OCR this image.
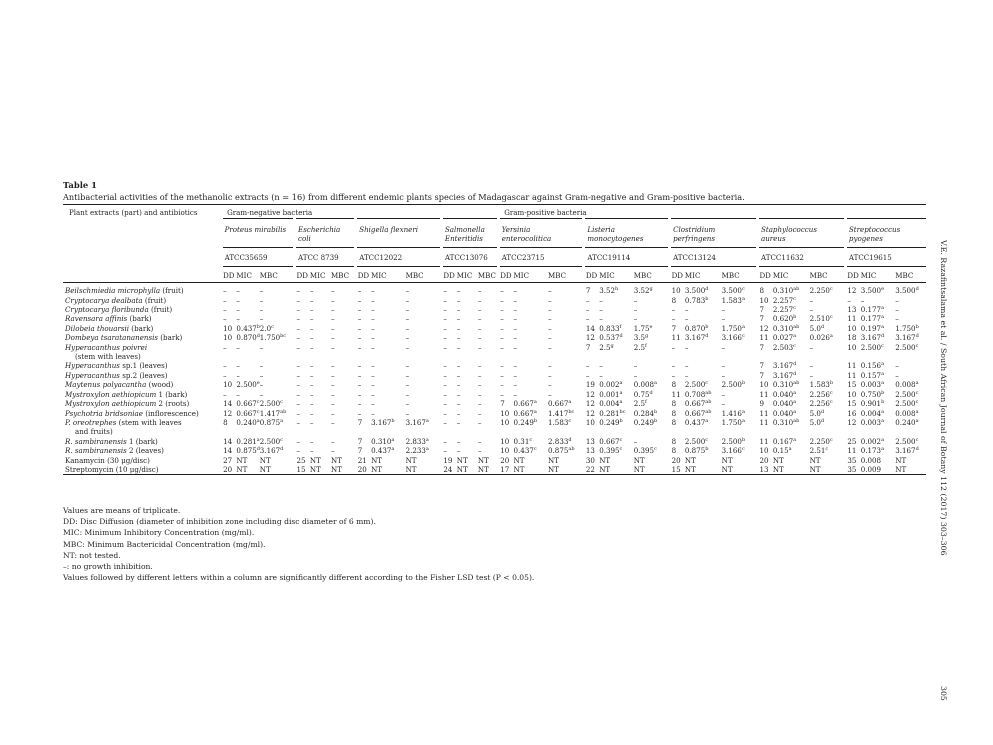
Table 1
Antibacterial activities of the methanolic extracts (n = 16) from different endemic plants species of Madagascar against Gram-negative and Gram-positive bacteria.
Plant extracts (part) and antibiotics	Gram-negative bacteria												Gram-positive bacteria														
	Proteus mirabilis			Escherichia coli			Shigella flexneri			Salmonella Enteritidis			Yersinia enterocolitica			Listeria monocytogenes			Clostridium perfringens			Staphylococcus aureus			Streptococcus pyogenes		
	ATCC35659			ATCC 8739			ATCC12022			ATCC13076			ATCC23715			ATCC19114			ATCC13124			ATCC11632			ATCC19615		
	DD	MIC	MBC	DD	MIC	MBC	DD	MIC	MBC	DD	MIC	MBC	DD	MIC	MBC	DD	MIC	MBC	DD	MIC	MBC	DD	MIC	MBC	DD	MIC	MBC

Beilschmiedia microphylla (fruit)	–	–	–	–	–	–	–	–	–	–	–	–	–	–	–	7	3.52$^h$	3.52$^g$	10	3.500$^d$	3.500$^c$	8	0.310$^{ab}$	2.250$^c$	12	3.500e	3.500$^d$
Cryptocarya dealbata (fruit)	–	–	–	–	–	–	–	–	–	–	–	–	–	–	–	–	–	–	8	0.783$^b$	1.583$^a$	10	2.257$^c$	–	–	–	–
Cryptocarya floribunda (fruit)	–	–	–	–	–	–	–	–	–	–	–	–	–	–	–	–	–	–	–	–	–	7	2.257$^c$	–	13	0.177$^a$	–
Ravensara affinis (bark)	–	–	–	–	–	–	–	–	–	–	–	–	–	–	–	–	–	–	–	–	–	7	0.620$^b$	2.510$^c$	11	0.177$^a$	–
Dilobeia thouarsii (bark)	10	0.437$^b$	2.0$^c$	–	–	–	–	–	–	–	–	–	–	–	–	14	0.833$^f$	1.75e	7	0.870$^b$	1.750$^a$	12	0.310$^{ab}$	5.0$^d$	10	0.197$^a$	1.750$^b$
Dombeya tsaratananensis (bark)	10	0.870$^d$	1.750$^{bc}$	–	–	–	–	–	–	–	–	–	–	–	–	12	0.537$^d$	3.5$^g$	11	3.167$^d$	3.166$^c$	11	0.027$^a$	0.026$^a$	18	3.167$^d$	3.167$^d$
Hyperacanthus poivrei	–	–	–	–	–	–	–	–	–	–	–	–	–	–	–	7	2.5$^g$	2.5$^f$	–	–	–	7	2.503$^c$	–	10	2.500$^c$	2.500$^c$
(stem with leaves)																											
Hyperacanthus sp.1 (leaves)	–	–	–	–	–	–	–	–	–	–	–	–	–	–	–	–	–	–	–	–	–	7	3.167$^d$	–	11	0.156$^a$	–
Hyperacanthus sp.2 (leaves)	–	–	–	–	–	–	–	–	–	–	–	–	–	–	–	–	–	–	–	–	–	7	3.167$^d$	–	11	0.157$^a$	–
Maytenus polyacantha (wood)	10	2.500e	–	–	–	–	–	–	–	–	–	–	–	–	–	19	0.002$^a$	0.008$^a$	8	2.500$^c$	2.500$^b$	10	0.310$^{ab}$	1.583$^b$	15	0.003$^a$	0.008$^a$
Mystroxylon aethiopicum 1 (bark)	–	–	–	–	–	–	–	–	–	–	–	–	–	–	–	12	0.001$^a$	0.75$^d$	11	0.708$^{ab}$	–	11	0.040$^a$	2.256$^c$	10	0.750$^b$	2.500$^c$
Mystroxylon aethiopicum 2 (roots)	14	0.667$^c$	2.500$^c$	–	–	–	–	–	–	–	–	–	7	0.667$^a$	0.667$^a$	12	0.004$^a$	2.5$^f$	8	0.667$^{ab}$	–	9	0.040$^a$	2.256$^c$	15	0.901$^b$	2.500$^c$
Psychotria bridsoniae (inflorescence)	12	0.667$^c$	1.417$^{ab}$	–	–	–	–	–	–	–	–	–	10	0.667$^a$	1.417$^{bc}$	12	0.281$^{bc}$	0.284$^b$	8	0.667$^{ab}$	1.416$^a$	11	0.040$^a$	5.0$^d$	16	0.004$^a$	0.008$^a$
P. oreotrephes (stem with leaves	8	0.240$^a$	0.875$^a$	–	–	–	7	3.167$^b$	3.167$^a$	–	–	–	10	0.249$^b$	1.583$^c$	10	0.249$^b$	0.249$^b$	8	0.437$^a$	1.750$^a$	11	0.310$^{ab}$	5.0$^d$	12	0.003$^a$	0.240$^a$
and fruits)																											
R. sambiranensis 1 (bark)	14	0.281$^a$	2.500$^c$	–	–	–	7	0.310$^a$	2.833$^a$	–	–	–	10	0.31$^c$	2.833$^d$	13	0.667$^c$	–	8	2.500$^c$	2.500$^b$	11	0.167$^a$	2.250$^c$	25	0.002$^a$	2.500$^c$
R. sambiranensis 2 (leaves)	14	0.875$^d$	3.167$^d$	–	–	–	7	0.437$^a$	2.233$^a$	–	–	–	10	0.437$^c$	0.875$^{ab}$	13	0.395$^c$	0.395$^c$	8	0.875$^b$	3.166$^c$	10	0.15$^a$	2.51$^c$	11	0.173$^a$	3.167$^d$
Kanamycin (30 μg/disc)	27	NT	NT	25	NT	NT	21	NT	NT	19	NT	NT	20	NT	NT	30	NT	NT	20	NT	NT	20	NT	NT	35	0.008	NT
Streptomycin (10 μg/disc)	20	NT	NT	15	NT	NT	20	NT	NT	24	NT	NT	17	NT	NT	22	NT	NT	15	NT	NT	13	NT	NT	35	0.009	NT
Values are means of triplicate.
DD: Disc Diffusion (diameter of inhibition zone including disc diameter of 6 mm).
MIC: Minimum Inhibitory Concentration (mg/ml).
MBC: Minimum Bactericidal Concentration (mg/ml).
NT: not tested.
–: no growth inhibition.
Values followed by different letters within a column are significantly different according to the Fisher LSD test (P < 0.05).
V.E. Razafintsalama et al. / South African Journal of Botany 112 (2017) 303–306
305
